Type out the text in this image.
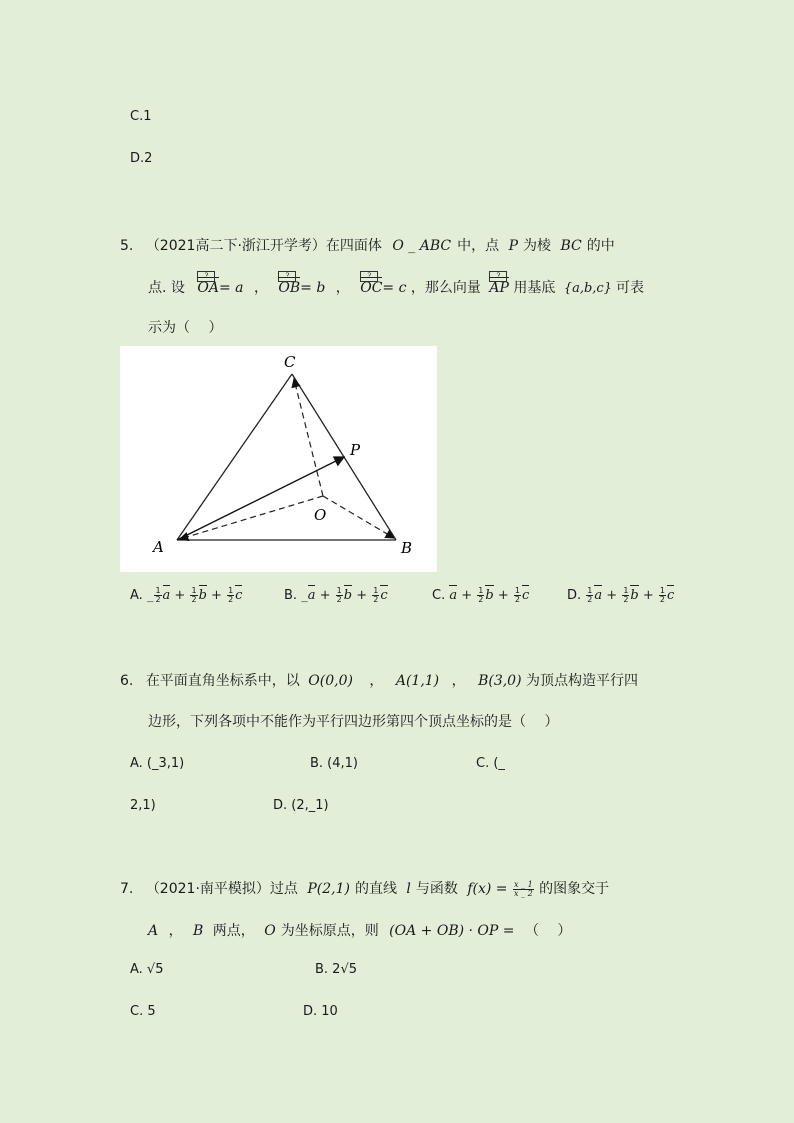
C.1
D.2
5. （2021高二下·浙江开学考）在四面体 O _ ABC 中，点 P 为棱 BC 的中
点. 设
?
OA= a ，
?
OB= b ，
?
OC= c ，那么向量
?
AP 用基底 {a,b,c} 可表
示为（　 ）
C
P
O
A	B
A. _ $\frac{1}{2}$ $a + \frac{1}{2}$ $b + \frac{1}{2}$ c	B. _a + $\frac{1}{2}$ $b + \frac{1}{2}$ c	C. $a + \frac{1}{2}$ $b + \frac{1}{2}$ c	D. $\frac{1}{2}$ $a + \frac{1}{2}$ $b + \frac{1}{2}$ c
6. 在平面直角坐标系中，以 O(0,0) ， A(1,1) ， B(3,0) 为顶点构造平行四
边形，下列各项中不能作为平行四边形第四个顶点坐标的是（　 ）
A. (_3,1)	B. (4,1)	C. (_
2,1)	D. (2,_1)
7. （2021·南平模拟）过点 P(2,1) 的直线 l 与函数 $f(x) = \frac{x \_ 1}{x \_ 2}$ 的图象交于
A ， B 两点， O 为坐标原点，则 (OA + OB) · OP = （　 ）
A. √5	B. 2√5
C. 5	D. 10
